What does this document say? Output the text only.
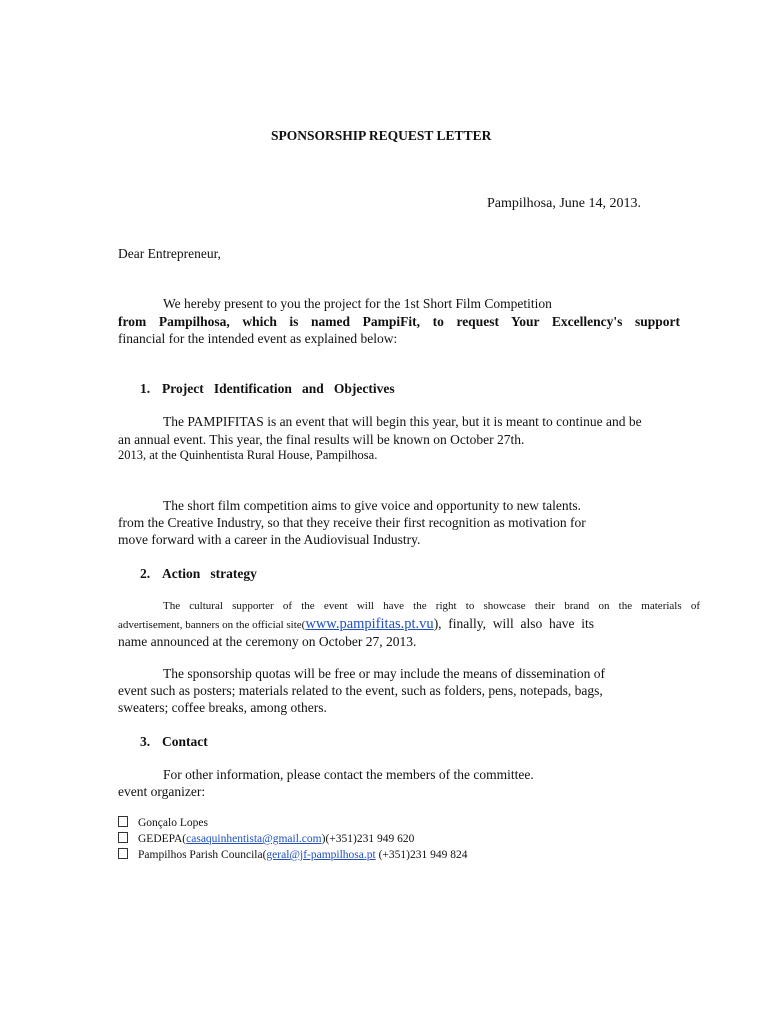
SPONSORSHIP REQUEST LETTER
Pampilhosa, June 14, 2013.
Dear Entrepreneur,
We hereby present to you the project for the 1st Short Film Competition
from Pampilhosa, which is named PampiFit, to request Your Excellency's support
financial for the intended event as explained below:
1. Project   Identification   and   Objectives
The PAMPIFITAS is an event that will begin this year, but it is meant to continue and be
an annual event. This year, the final results will be known on October 27th.
2013, at the Quinhentista Rural House, Pampilhosa.
The short film competition aims to give voice and opportunity to new talents.
from the Creative Industry, so that they receive their first recognition as motivation for
move forward with a career in the Audiovisual Industry.
2. Action   strategy
The cultural supporter of the event will have the right to showcase their brand on the materials of
advertisement, banners on the official site(www.pampifitas.pt.vu),  finally,  will  also  have  its
name announced at the ceremony on October 27, 2013.
The sponsorship quotas will be free or may include the means of dissemination of
event such as posters; materials related to the event, such as folders, pens, notepads, bags,
sweaters; coffee breaks, among others.
3. Contact
For other information, please contact the members of the committee.
event organizer:
Gonçalo Lopes
GEDEPA(casaquinhentista@gmail.com)(+351)231 949 620
Pampilhos Parish Councila(geral@jf-pampilhosa.pt (+351)231 949 824
